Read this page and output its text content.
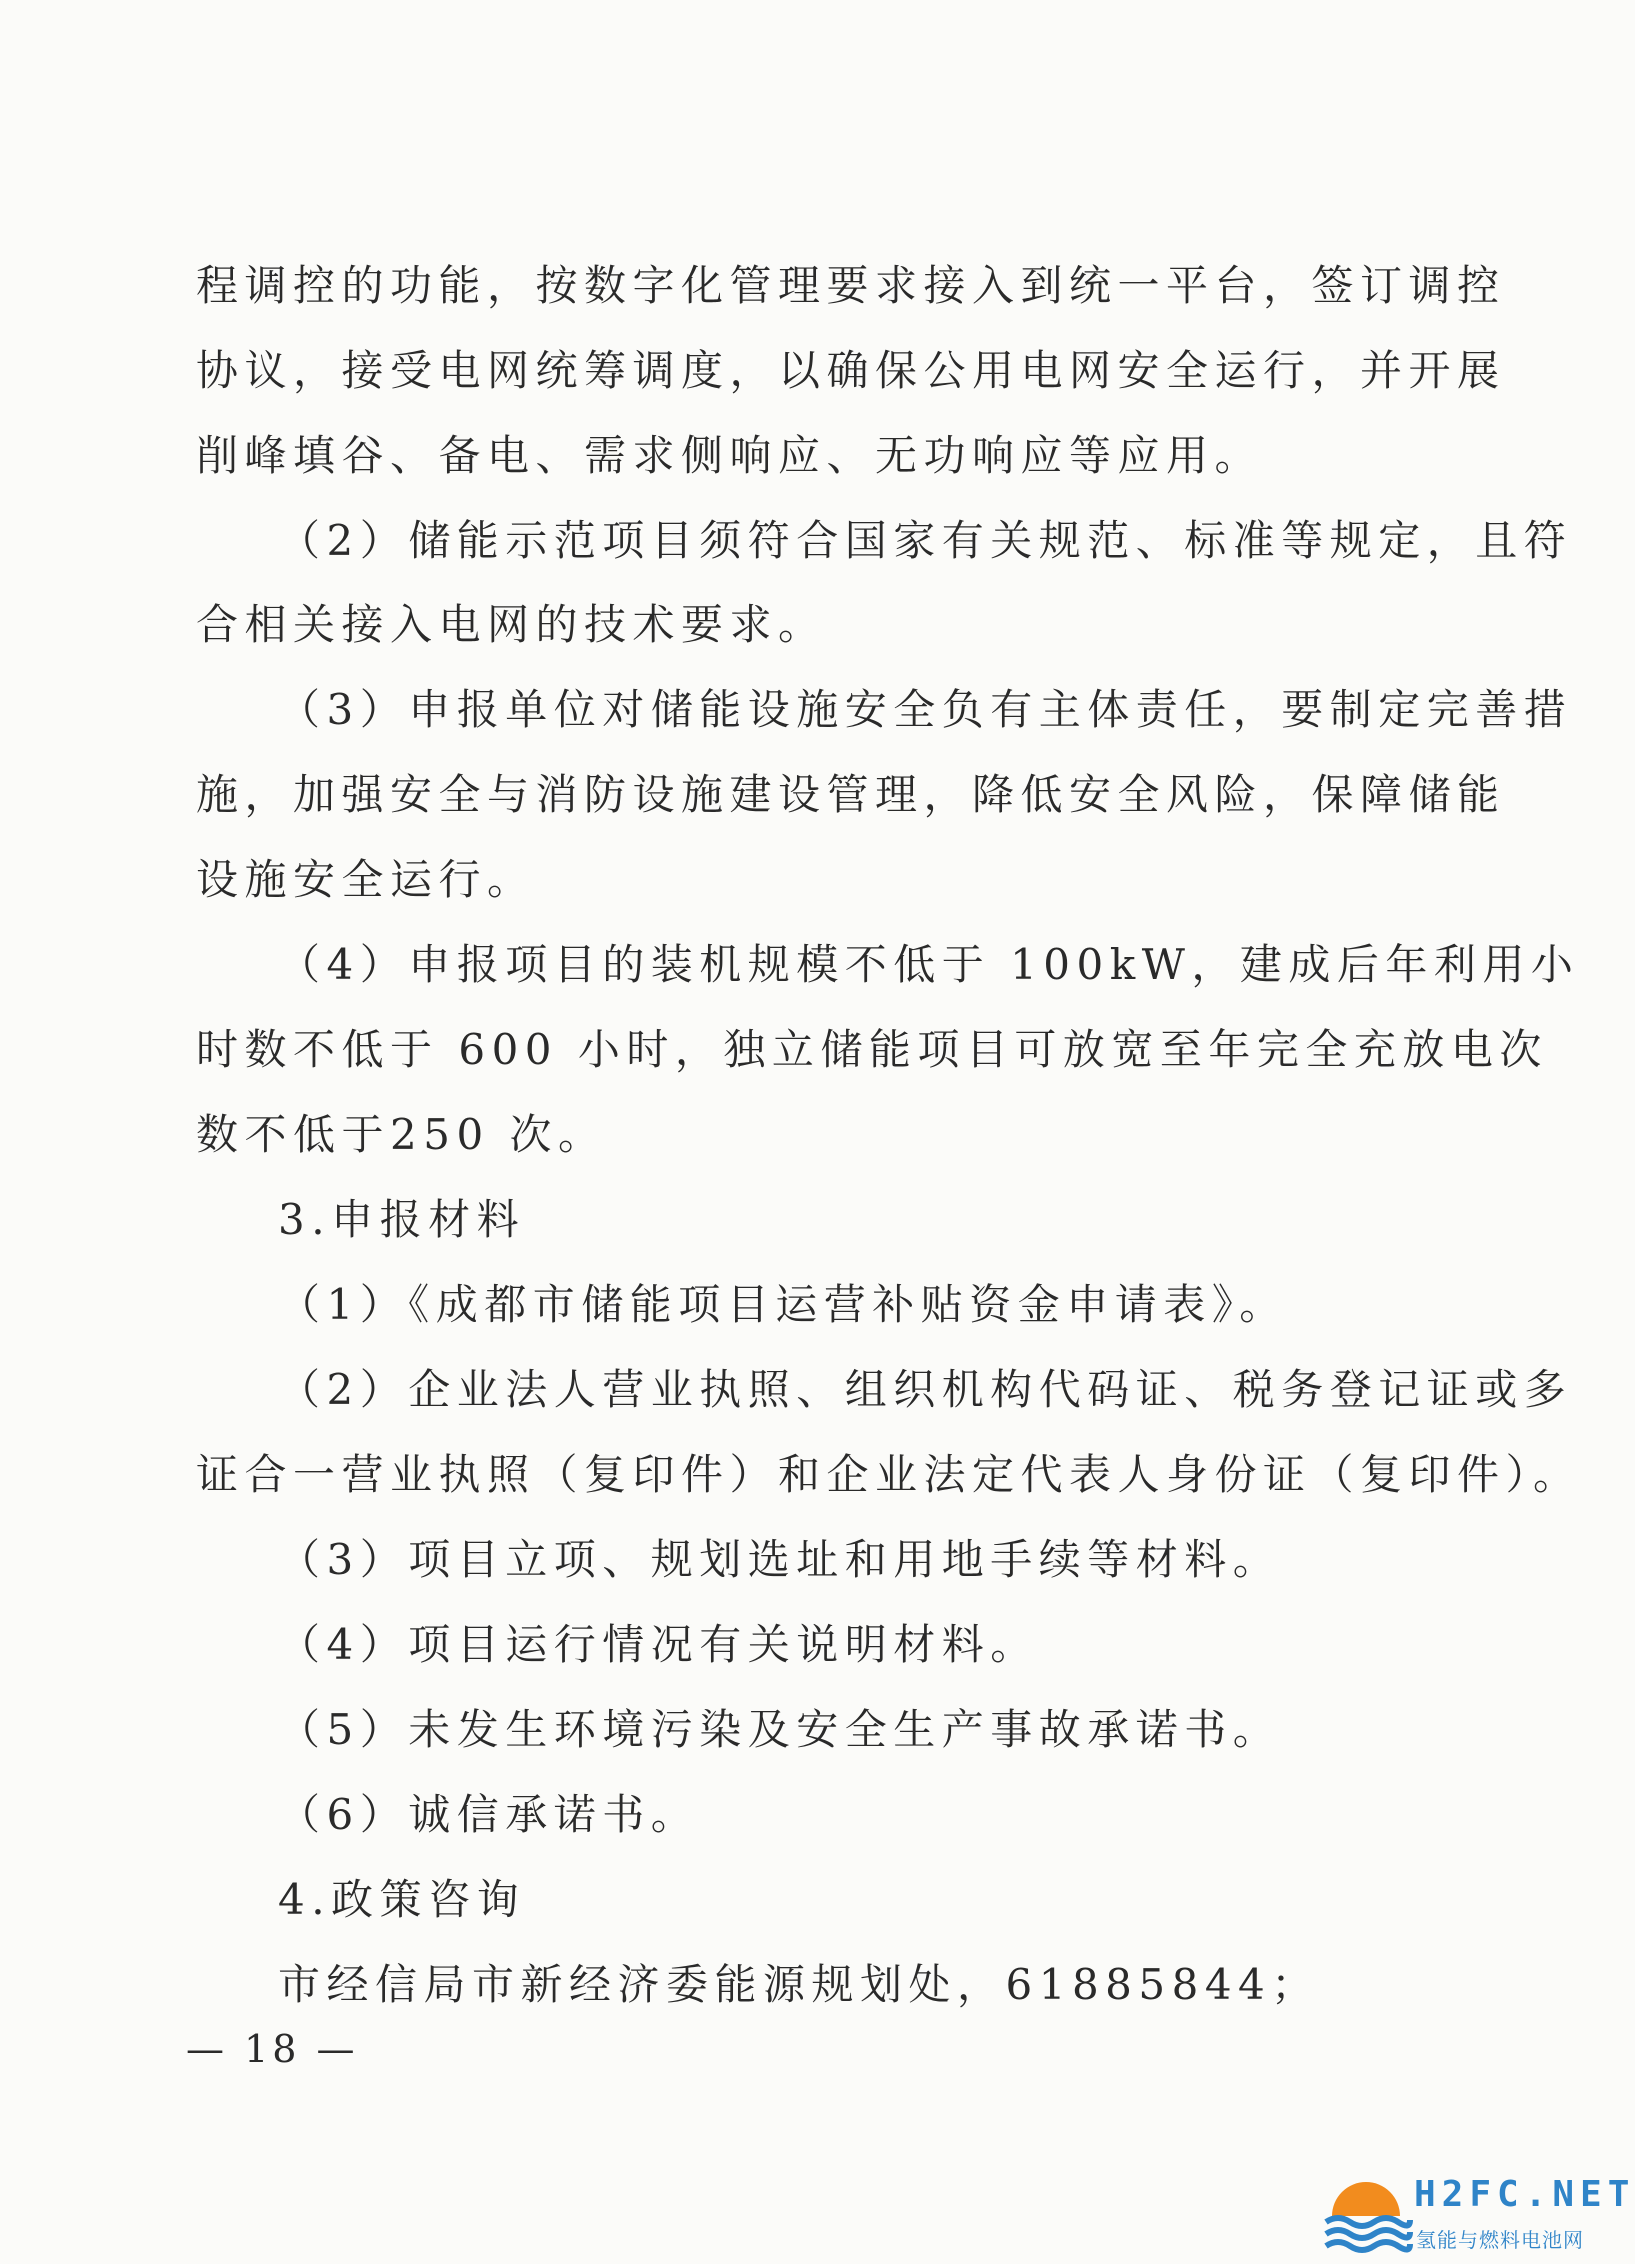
程调控的功能，按数字化管理要求接入到统一平台，签订调控
协议，接受电网统筹调度，以确保公用电网安全运行，并开展
削峰填谷、备电、需求侧响应、无功响应等应用。
（2）储能示范项目须符合国家有关规范、标准等规定，且符
合相关接入电网的技术要求。
（3）申报单位对储能设施安全负有主体责任，要制定完善措
施，加强安全与消防设施建设管理，降低安全风险，保障储能
设施安全运行。
（4）申报项目的装机规模不低于 100kW，建成后年利用小
时数不低于 600 小时，独立储能项目可放宽至年完全充放电次
数不低于250 次。
3.申报材料
（1）《成都市储能项目运营补贴资金申请表》。
（2）企业法人营业执照、组织机构代码证、税务登记证或多
证合一营业执照（复印件）和企业法定代表人身份证（复印件）。
（3）项目立项、规划选址和用地手续等材料。
（4）项目运行情况有关说明材料。
（5）未发生环境污染及安全生产事故承诺书。
（6）诚信承诺书。
4.政策咨询
市经信局市新经济委能源规划处，61885844；
— 18 —
H2FC.NET
氢能与燃料电池网
